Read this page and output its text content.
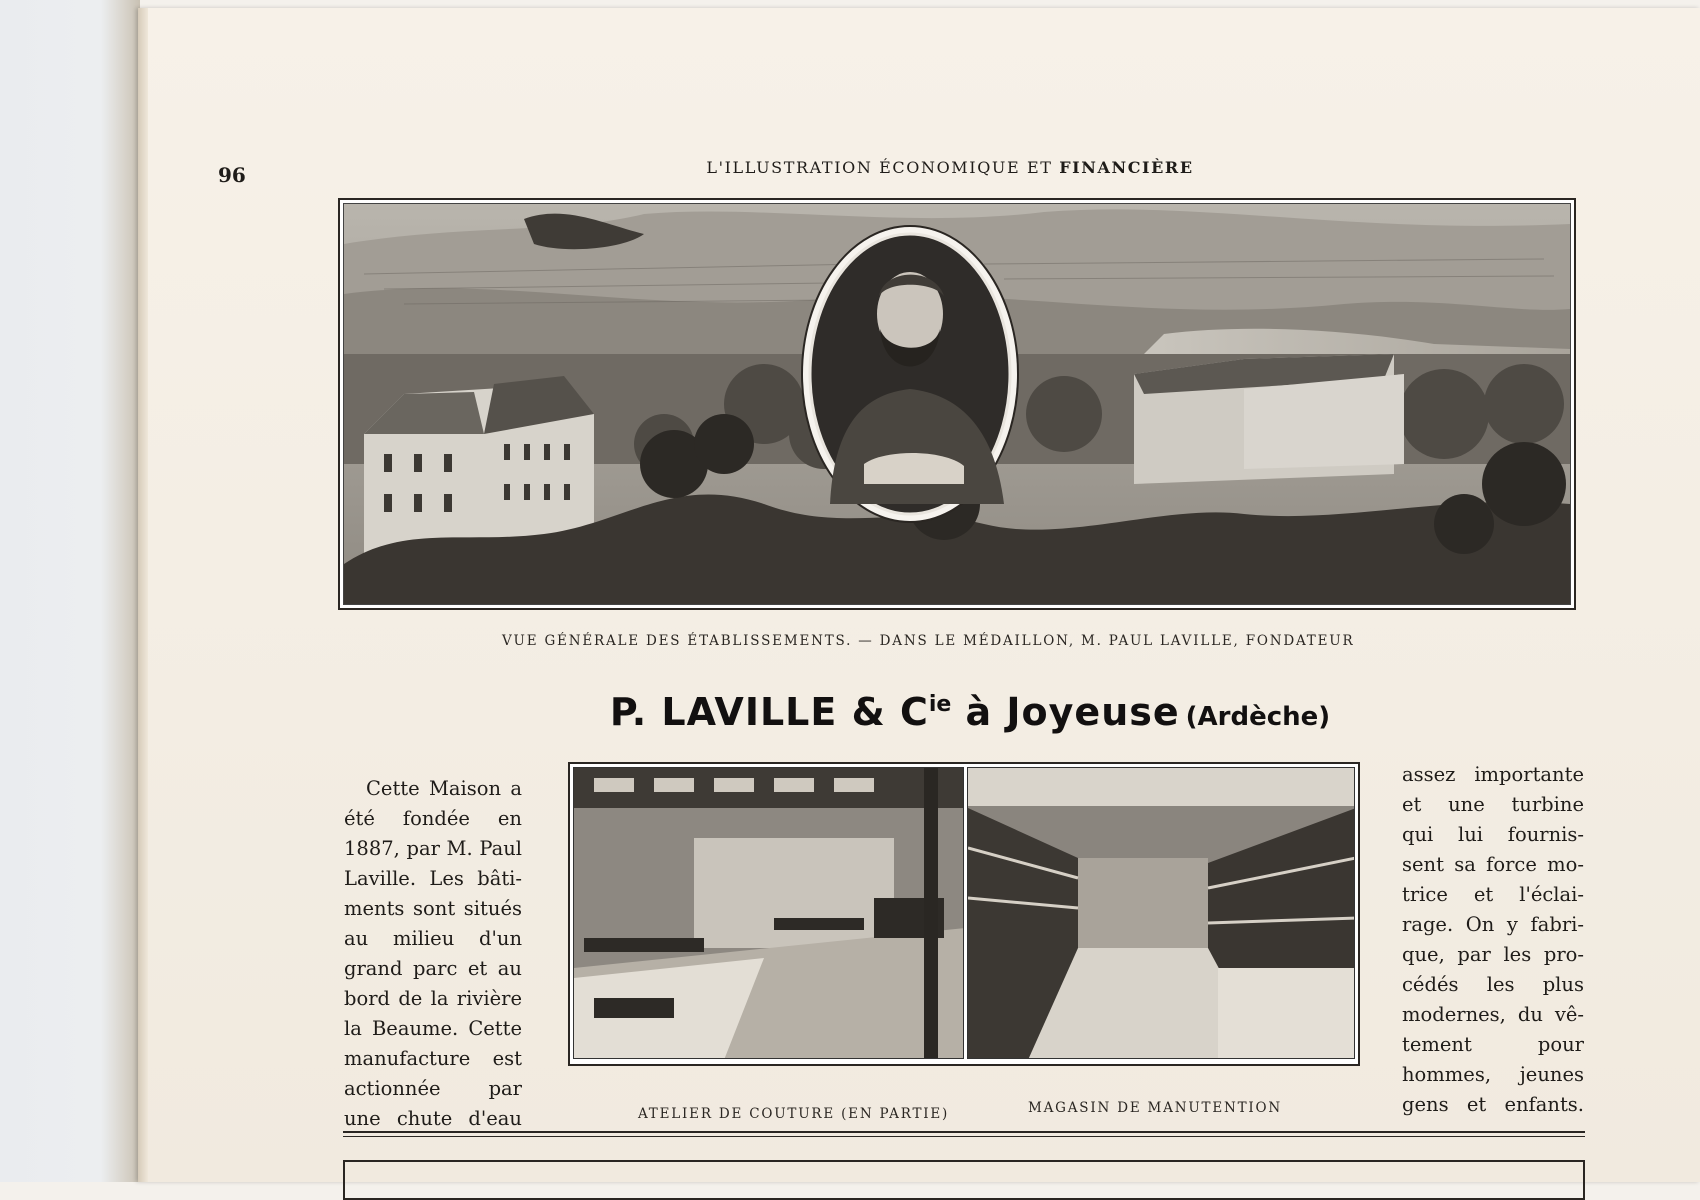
96	L'ILLUSTRATION ÉCONOMIQUE ET FINANCIÈRE
VUE GÉNÉRALE DES ÉTABLISSEMENTS. — DANS LE MÉDAILLON, M. PAUL LAVILLE, FONDATEUR
P. LAVILLE & $C^{ie}$ à Joyeuse (Ardèche)
Cette Maison a
été fondée en
1887, par M. Paul
Laville. Les bâti-
ments sont situés
au milieu d'un
grand parc et au
bord de la rivière
la Beaume. Cette
manufacture est
actionnée par
une chute d'eau	ATELIER DE COUTURE (EN PARTIE)	MAGASIN DE MANUTENTION
assez importante
et une turbine
qui lui fournis-
sent sa force mo-
trice et l'éclai-
rage. On y fabri-
que, par les pro-
cédés les plus
modernes, du vê-
tement pour
hommes, jeunes
gens et enfants.
